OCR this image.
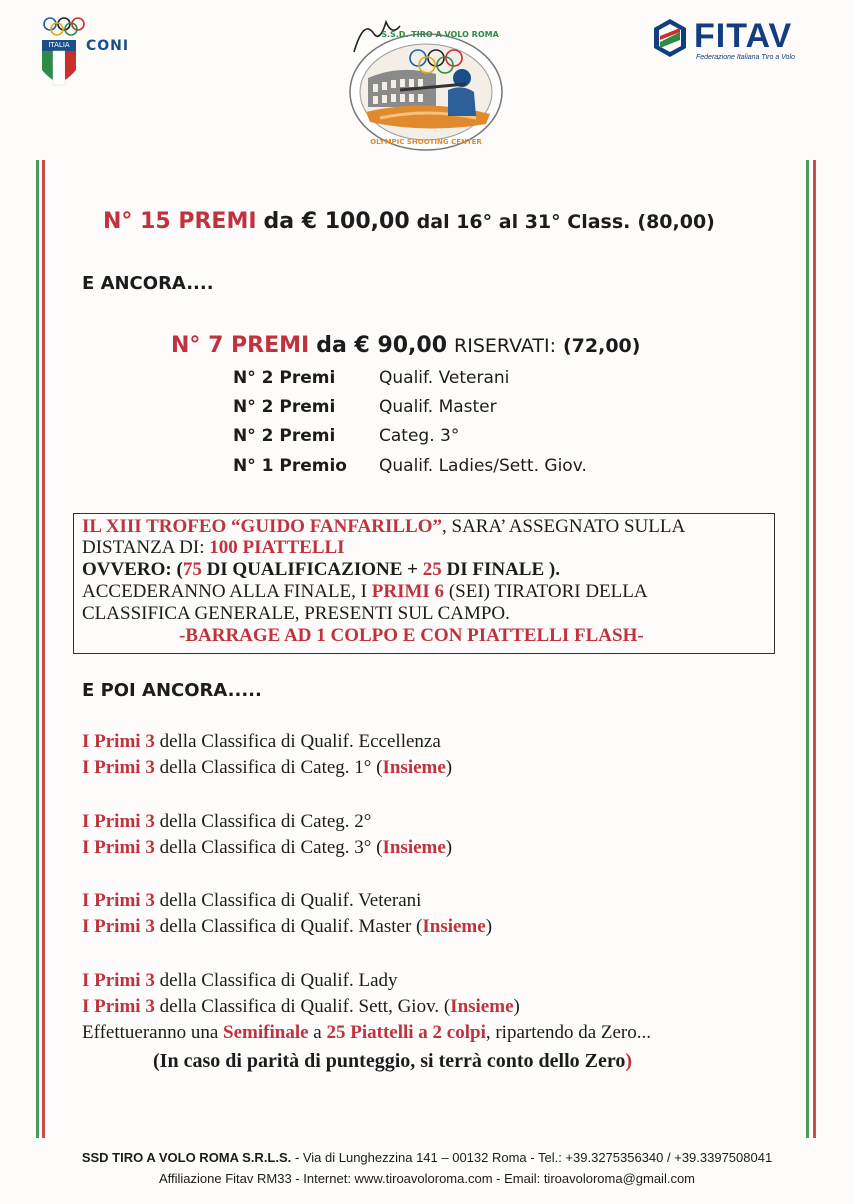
ITALIA	CONI
S.S.D. TIRO A VOLO ROMA
OLYMPIC SHOOTING CENTER
FITAV
Federazione Italiana Tiro a Volo
N° 15 PREMI da € 100,00 dal 16° al 31° Class. (80,00)
E ANCORA....
N° 7 PREMI da € 90,00 RISERVATI: (72,00)
N° 2 Premi	Qualif. Veterani
N° 2 Premi	Qualif. Master
N° 2 Premi	Categ. 3°
N° 1 Premio Qualif. Ladies/Sett. Giov.
IL XIII TROFEO “GUIDO FANFARILLO”, SARA’ ASSEGNATO SULLA
DISTANZA DI: 100 PIATTELLI
OVVERO: (75 DI QUALIFICAZIONE + 25 DI FINALE ).
ACCEDERANNO ALLA FINALE, I PRIMI 6 (SEI) TIRATORI DELLA
CLASSIFICA GENERALE, PRESENTI SUL CAMPO.
-BARRAGE AD 1 COLPO E CON PIATTELLI FLASH-
E POI ANCORA.....
I Primi 3 della Classifica di Qualif. Eccellenza
I Primi 3 della Classifica di Categ. 1° (Insieme)
I Primi 3 della Classifica di Categ. 2°
I Primi 3 della Classifica di Categ. 3° (Insieme)
I Primi 3 della Classifica di Qualif. Veterani
I Primi 3 della Classifica di Qualif. Master (Insieme)
I Primi 3 della Classifica di Qualif. Lady
I Primi 3 della Classifica di Qualif. Sett, Giov. (Insieme)
Effettueranno una Semifinale a 25 Piattelli a 2 colpi, ripartendo da Zero...
(In caso di parità di punteggio, si terrà conto dello Zero)
SSD TIRO A VOLO ROMA S.R.L.S. - Via di Lunghezzina 141 – 00132 Roma - Tel.: +39.3275356340 / +39.3397508041
Affiliazione Fitav RM33 - Internet: www.tiroavoloroma.com - Email: tiroavoloroma@gmail.com
